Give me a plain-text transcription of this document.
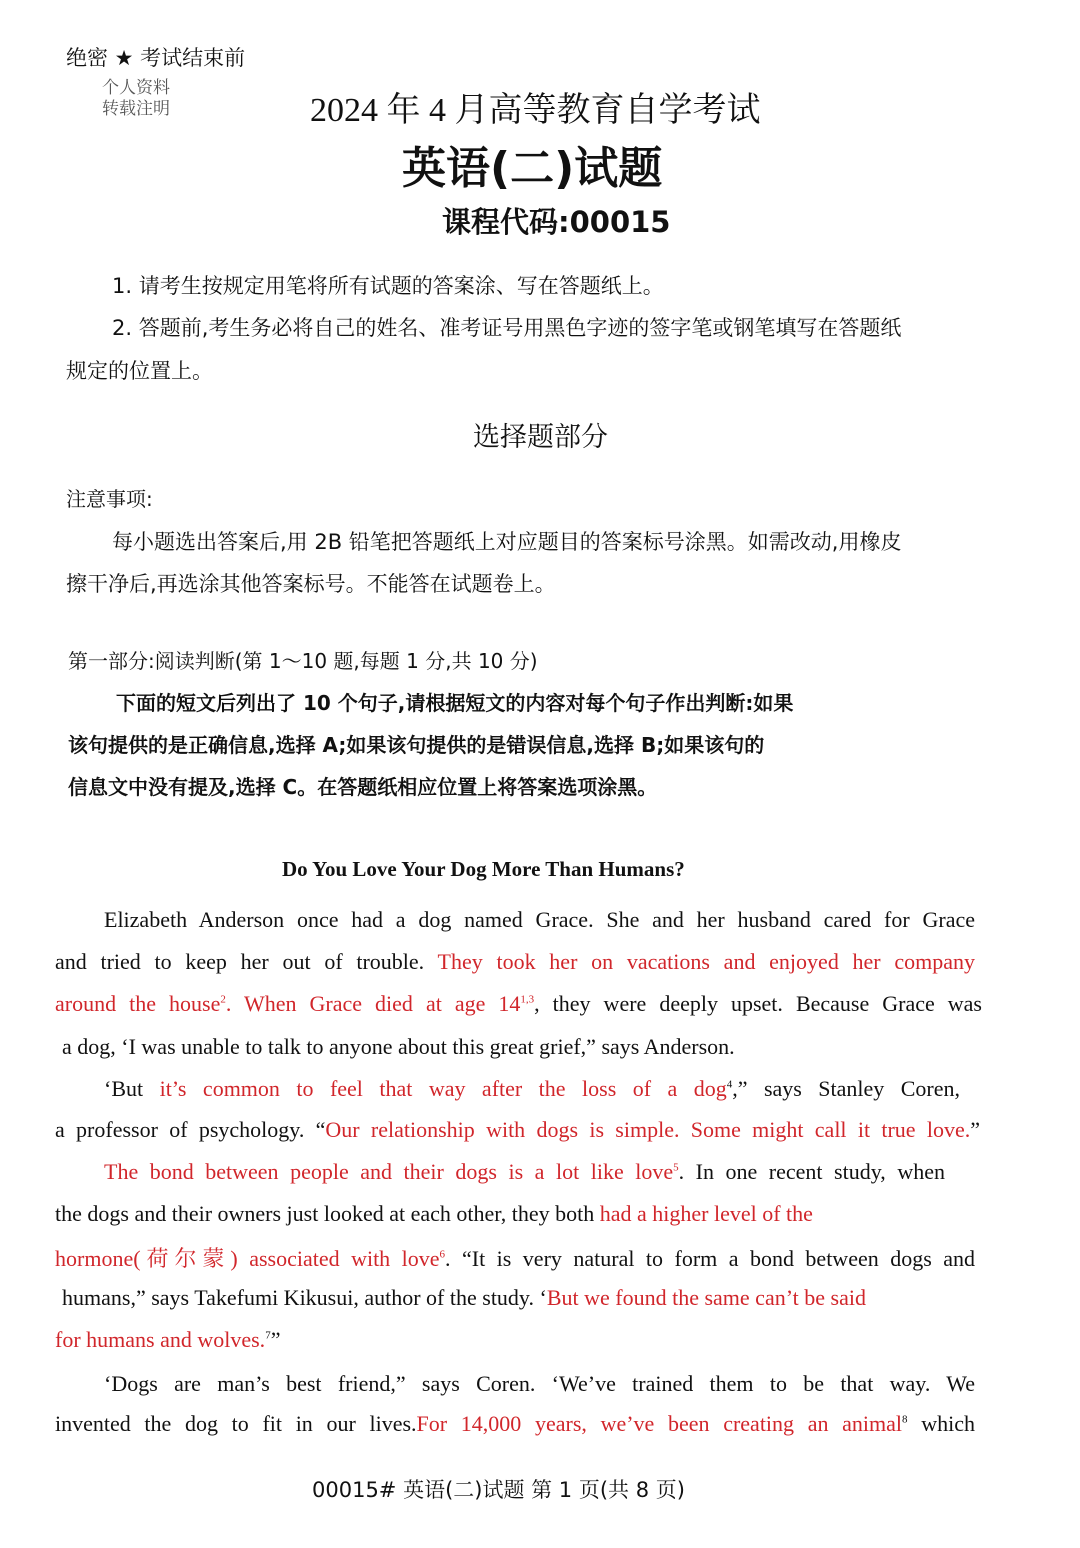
绝密 ★ 考试结束前
个人资料
转载注明	2024 年 4 月高等教育自学考试
英语(二)试题
课程代码:00015
1. 请考生按规定用笔将所有试题的答案涂、写在答题纸上。
2. 答题前,考生务必将自己的姓名、准考证号用黑色字迹的签字笔或钢笔填写在答题纸
规定的位置上。
选择题部分
注意事项:
每小题选出答案后,用 2B 铅笔把答题纸上对应题目的答案标号涂黑。如需改动,用橡皮
擦干净后,再选涂其他答案标号。不能答在试题卷上。
第一部分:阅读判断(第 1～10 题,每题 1 分,共 10 分)
下面的短文后列出了 10 个句子,请根据短文的内容对每个句子作出判断:如果
该句提供的是正确信息,选择 A;如果该句提供的是错误信息,选择 B;如果该句的
信息文中没有提及,选择 C。在答题纸相应位置上将答案选项涂黑。
Do You Love Your Dog More Than Humans?
Elizabeth Anderson once had a dog named Grace. She and her husband cared for Grace
and tried to keep her out of trouble. They took her on vacations and enjoyed her company
around the house$^2$. When Grace died at age 14$^{1,3}$, they were deeply upset. Because Grace was
a dog, ‘I was unable to talk to anyone about this great grief,” says Anderson.
‘But it’s common to feel that way after the loss of a dog$^4$,” says Stanley Coren,
a professor of psychology. “Our relationship with dogs is simple. Some might call it true love.”
The bond between people and their dogs is a lot like love$^5$. In one recent study, when
the dogs and their owners just looked at each other, they both had a higher level of the
hormone(荷尔蒙) associated with love$^6$. “It is very natural to form a bond between dogs and
humans,” says Takefumi Kikusui, author of the study. ‘But we found the same can’t be said
for humans and wolves.$^7$”
‘Dogs are man’s best friend,” says Coren. ‘We’ve trained them to be that way. We
invented the dog to fit in our lives.For 14,000 years, we’ve been creating an animal$^8$ which
00015# 英语(二)试题 第 1 页(共 8 页)
